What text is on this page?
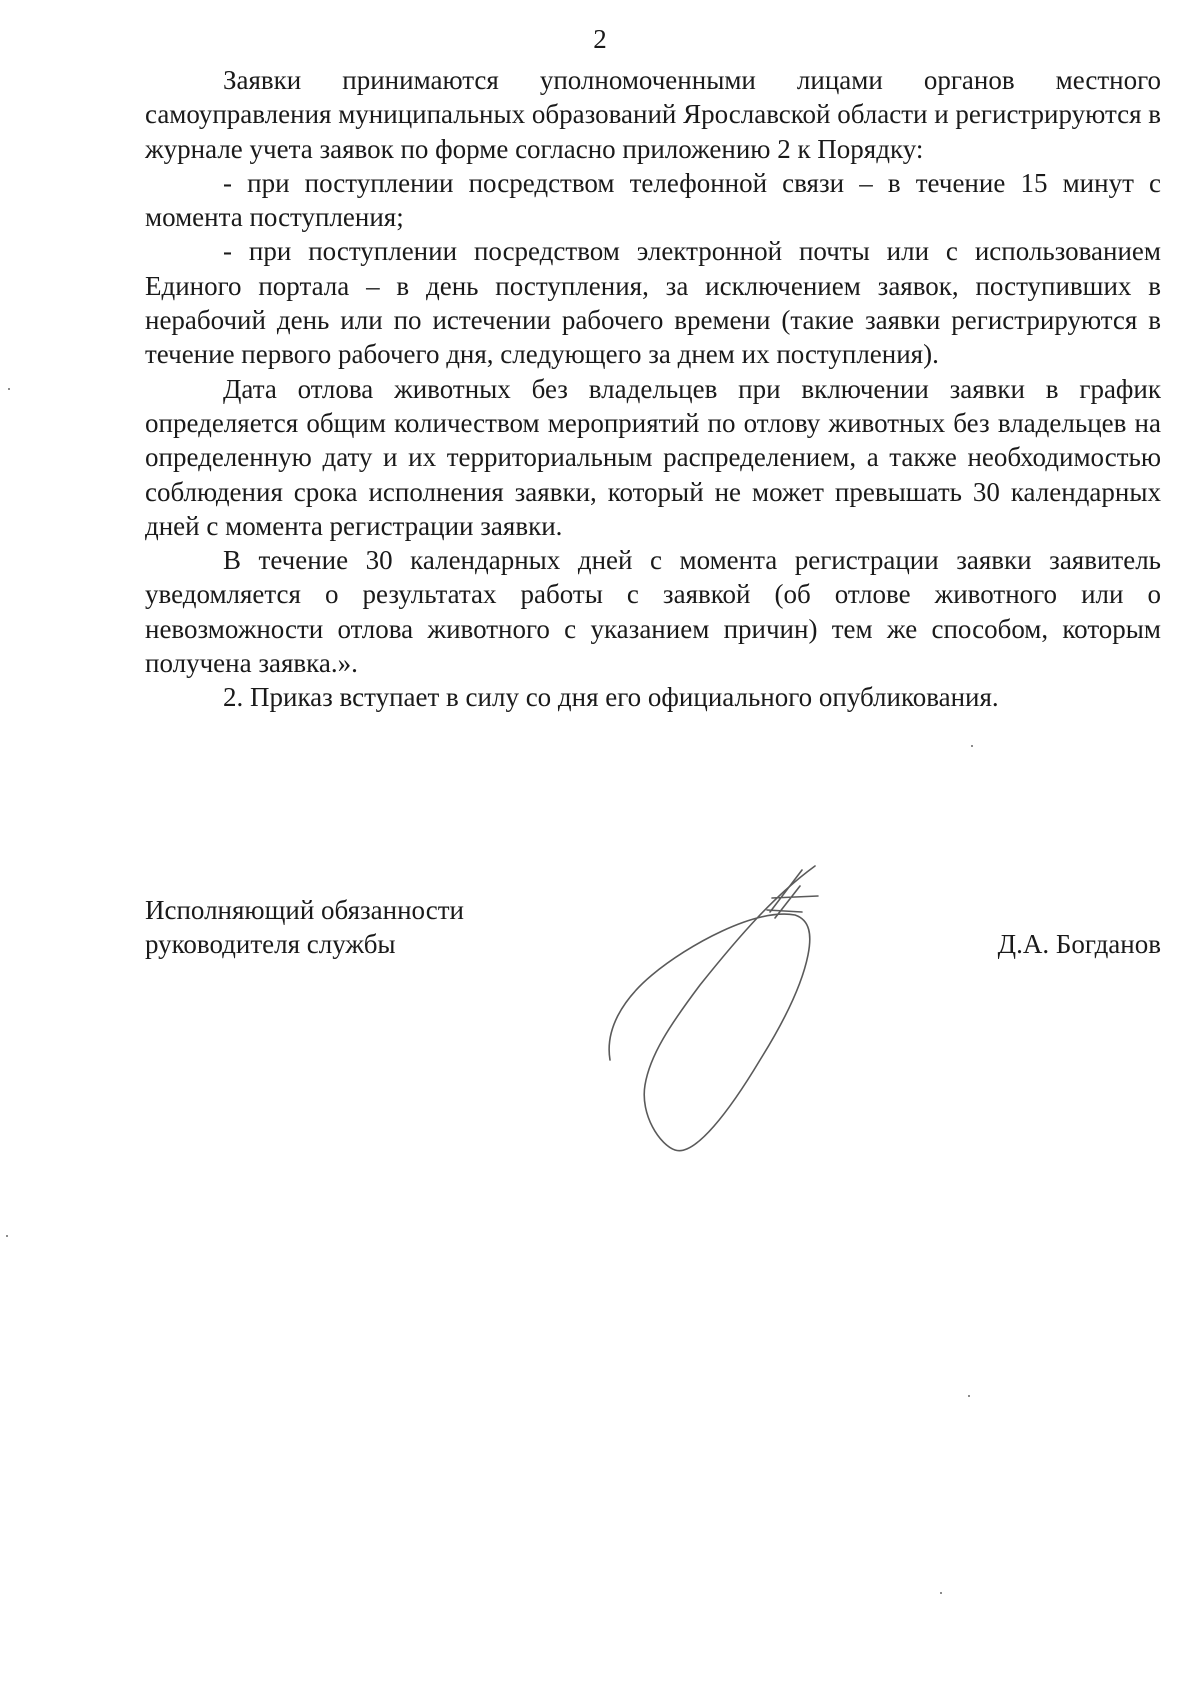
2

Заявки принимаются уполномоченными лицами органов местного самоуправления муниципальных образований Ярославской области и регистрируются в журнале учета заявок по форме согласно приложению 2 к Порядку:

- при поступлении посредством телефонной связи – в течение 15 минут с момента поступления;

- при поступлении посредством электронной почты или с использованием Единого портала – в день поступления, за исключением заявок, поступивших в нерабочий день или по истечении рабочего времени (такие заявки регистрируются в течение первого рабочего дня, следующего за днем их поступления).

Дата отлова животных без владельцев при включении заявки в график определяется общим количеством мероприятий по отлову животных без владельцев на определенную дату и их территориальным распределением, а также необходимостью соблюдения срока исполнения заявки, который не может превышать 30 календарных дней с момента регистрации заявки.

В течение 30 календарных дней с момента регистрации заявки заявитель уведомляется о результатах работы с заявкой (об отлове животного или о невозможности отлова животного с указанием причин) тем же способом, которым получена заявка.».

2. Приказ вступает в силу со дня его официального опубликования.

Исполняющий обязанности
руководителя службы	Д.А. Богданов
